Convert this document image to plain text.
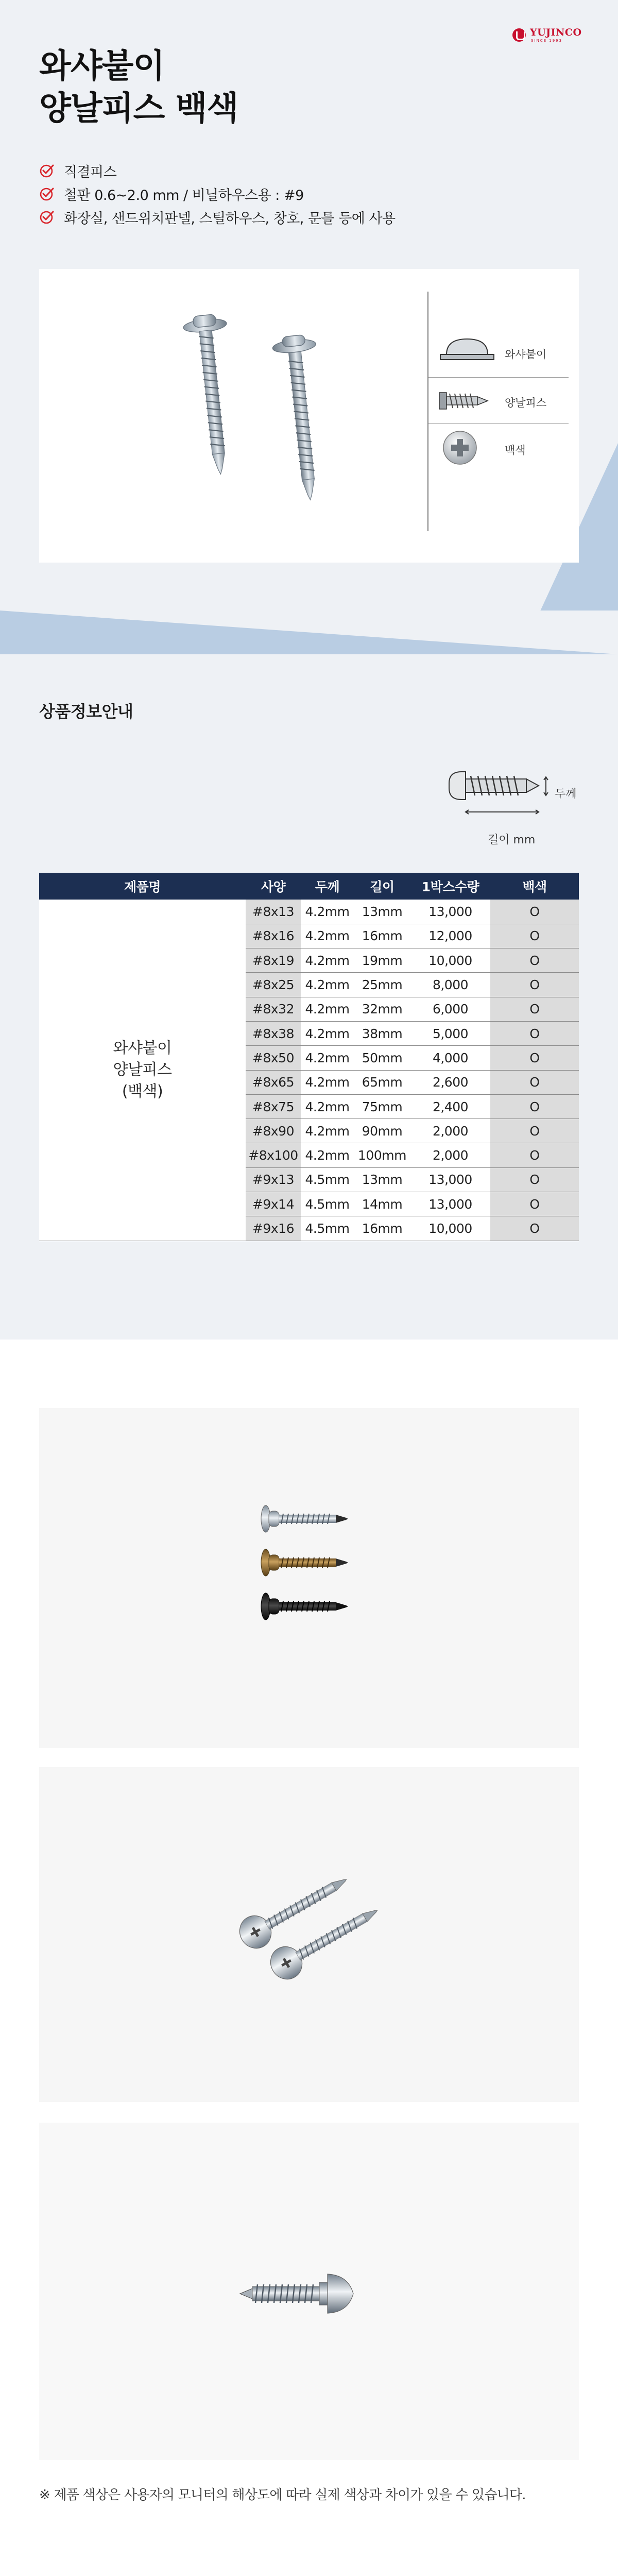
YUJINCO
SINCE 1993
와샤붙이
양날피스 백색
직결피스
철판 0.6~2.0 mm / 비닐하우스용 : #9
화장실, 샌드위치판넬, 스틸하우스, 창호, 문틀 등에 사용
와샤붙이
양날피스
백색
상품정보안내
두께
길이 mm
제품명	사양	두께	길이	1박스수량	백색

와샤붙이
양날피스
(백색)	#8x13	4.2mm	13mm	13,000	O
	#8x16	4.2mm	16mm	12,000	O
	#8x19	4.2mm	19mm	10,000	O
	#8x25	4.2mm	25mm	8,000	O
	#8x32	4.2mm	32mm	6,000	O
	#8x38	4.2mm	38mm	5,000	O
	#8x50	4.2mm	50mm	4,000	O
	#8x65	4.2mm	65mm	2,600	O
	#8x75	4.2mm	75mm	2,400	O
	#8x90	4.2mm	90mm	2,000	O
	#8x100	4.2mm	100mm	2,000	O
	#9x13	4.5mm	13mm	13,000	O
	#9x14	4.5mm	14mm	13,000	O
	#9x16	4.5mm	16mm	10,000	O

※ 제품 색상은 사용자의 모니터의 해상도에 따라 실제 색상과 차이가 있을 수 있습니다.
